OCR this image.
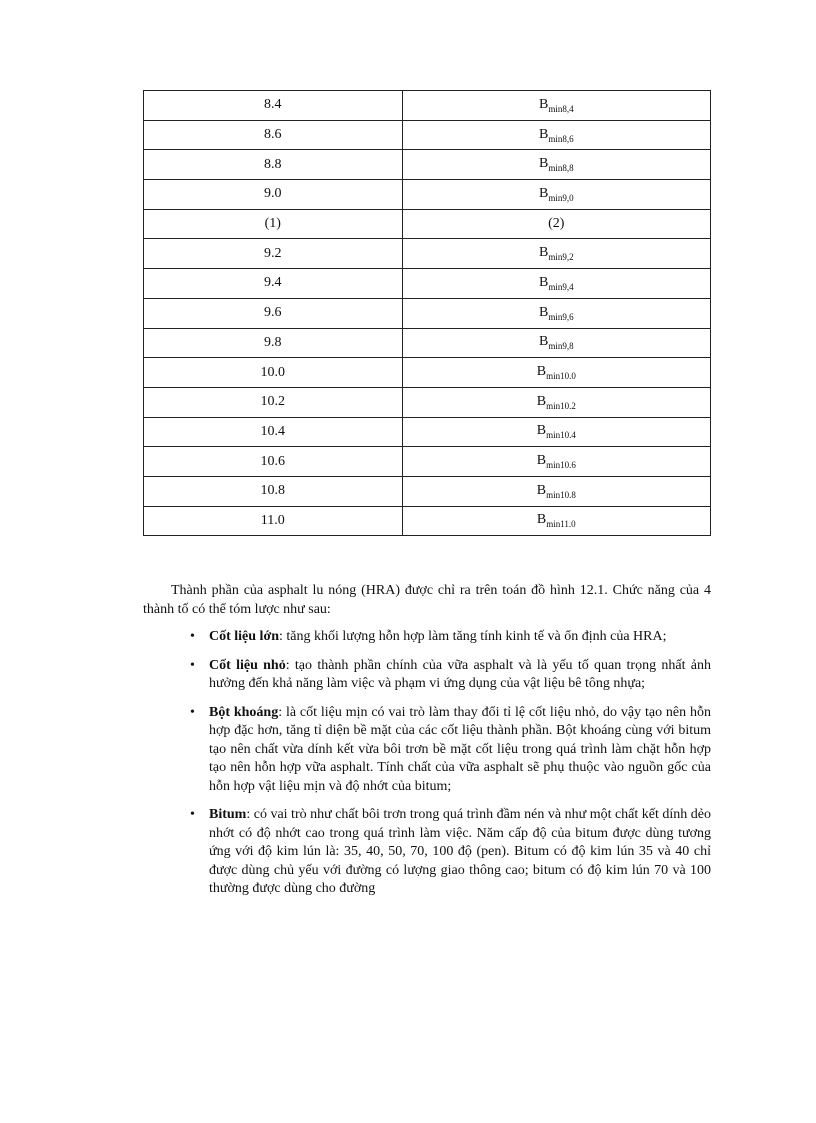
8.4	$B_{min8,4}$
8.6	$B_{min8,6}$
8.8	$B_{min8,8}$
9.0	$B_{min9,0}$
(1)	(2)
9.2	$B_{min9,2}$
9.4	$B_{min9,4}$
9.6	$B_{min9,6}$
9.8	$B_{min9,8}$
10.0	$B_{min10.0}$
10.2	$B_{min10.2}$
10.4	$B_{min10.4}$
10.6	$B_{min10.6}$
10.8	$B_{min10.8}$
11.0	$B_{min11.0}$

Thành phần của asphalt lu nóng (HRA) được chỉ ra trên toán đồ hình 12.1. Chức năng của 4 thành tố có thể tóm lược như sau:

• Cốt liệu lớn: tăng khối lượng hỗn hợp làm tăng tính kinh tế và ổn định của HRA;
• Cốt liệu nhỏ: tạo thành phần chính của vữa asphalt và là yếu tố quan trọng nhất ảnh hưởng đến khả năng làm việc và phạm vi ứng dụng của vật liệu bê tông nhựa;
• Bột khoáng: là cốt liệu mịn có vai trò làm thay đổi tỉ lệ cốt liệu nhỏ, do vậy tạo nên hỗn hợp đặc hơn, tăng tỉ diện bề mặt của các cốt liệu thành phần. Bột khoáng cùng với bitum tạo nên chất vừa dính kết vừa bôi trơn bề mặt cốt liệu trong quá trình làm chặt hỗn hợp tạo nên hỗn hợp vữa asphalt. Tính chất của vữa asphalt sẽ phụ thuộc vào nguồn gốc của hỗn hợp vật liệu mịn và độ nhớt của bitum;
• Bitum: có vai trò như chất bôi trơn trong quá trình đầm nén và như một chất kết dính dẻo nhớt có độ nhớt cao trong quá trình làm việc. Năm cấp độ của bitum được dùng tương ứng với độ kim lún là: 35, 40, 50, 70, 100 độ (pen). Bitum có độ kim lún 35 và 40 chỉ được dùng chủ yếu với đường có lượng giao thông cao; bitum có độ kim lún 70 và 100 thường được dùng cho đường
